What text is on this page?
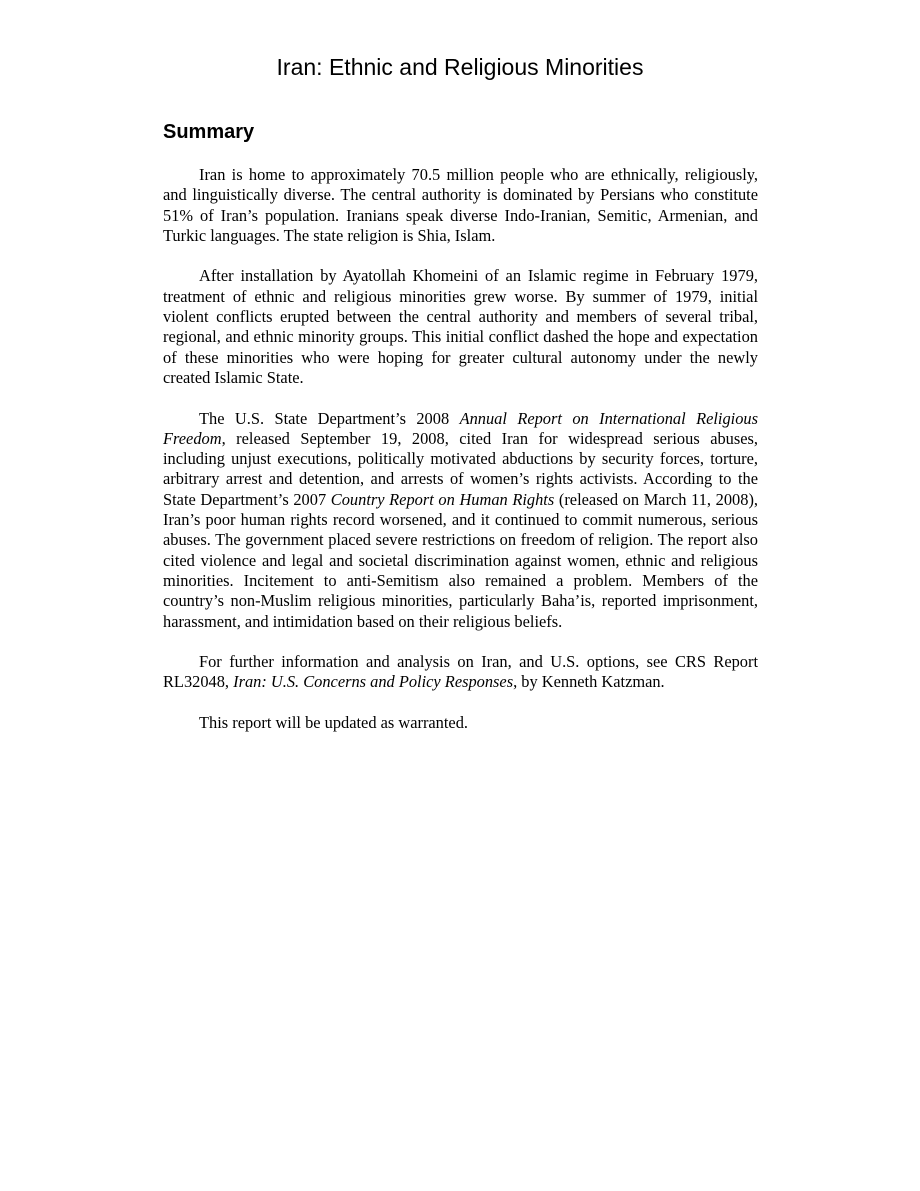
Iran: Ethnic and Religious Minorities
Summary

Iran is home to approximately 70.5 million people who are ethnically, religiously, and linguistically diverse. The central authority is dominated by Persians who constitute 51% of Iran’s population. Iranians speak diverse Indo-Iranian, Semitic, Armenian, and Turkic languages. The state religion is Shia, Islam.

After installation by Ayatollah Khomeini of an Islamic regime in February 1979, treatment of ethnic and religious minorities grew worse. By summer of 1979, initial violent conflicts erupted between the central authority and members of several tribal, regional, and ethnic minority groups. This initial conflict dashed the hope and expectation of these minorities who were hoping for greater cultural autonomy under the newly created Islamic State.

The U.S. State Department’s 2008 Annual Report on International Religious Freedom, released September 19, 2008, cited Iran for widespread serious abuses, including unjust executions, politically motivated abductions by security forces, torture, arbitrary arrest and detention, and arrests of women’s rights activists. According to the State Department’s 2007 Country Report on Human Rights (released on March 11, 2008), Iran’s poor human rights record worsened, and it continued to commit numerous, serious abuses. The government placed severe restrictions on freedom of religion. The report also cited violence and legal and societal discrimination against women, ethnic and religious minorities. Incitement to anti-Semitism also remained a problem. Members of the country’s non-Muslim religious minorities, particularly Baha’is, reported imprisonment, harassment, and intimidation based on their religious beliefs.

For further information and analysis on Iran, and U.S. options, see CRS Report RL32048, Iran: U.S. Concerns and Policy Responses, by Kenneth Katzman.

This report will be updated as warranted.
